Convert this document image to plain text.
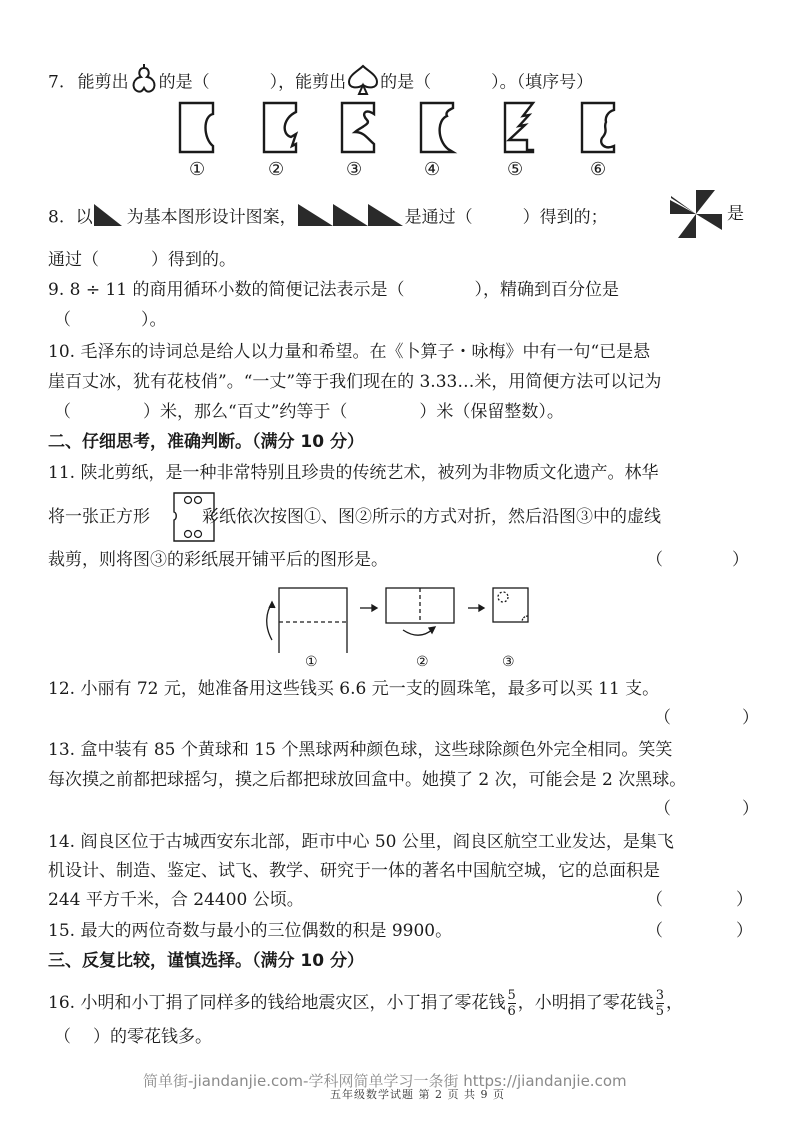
7. 能剪出 的是（	），能剪出 的是（	）。（填序号）
①	②	③	④	⑤	⑥
8. 以 为基本图形设计图案，	是通过（	）得到的；	是
通过（	）得到的。
9. 8 ÷ 11 的商用循环小数的简便记法表示是（	），精确到百分位是
（	）。
10. 毛泽东的诗词总是给人以力量和希望。在《卜算子・咏梅》中有一句“已是悬
崖百丈冰，犹有花枝俏”。“一丈”等于我们现在的 3.33…米，用简便方法可以记为
（	）米，那么“百丈”约等于（	）米（保留整数）。
二、仔细思考，准确判断。（满分 10 分）
11. 陕北剪纸，是一种非常特别且珍贵的传统艺术，被列为非物质文化遗产。林华
将一张正方形	彩纸依次按图①、图②所示的方式对折，然后沿图③中的虚线
裁剪，则将图③的彩纸展开铺平后的图形是。	（	）
①	②	③
12. 小丽有 72 元，她准备用这些钱买 6.6 元一支的圆珠笔，最多可以买 11 支。
（	）
13. 盒中装有 85 个黄球和 15 个黑球两种颜色球，这些球除颜色外完全相同。笑笑
每次摸之前都把球摇匀，摸之后都把球放回盒中。她摸了 2 次，可能会是 2 次黑球。
（	）
14. 阎良区位于古城西安东北部，距市中心 50 公里，阎良区航空工业发达，是集飞
机设计、制造、鉴定、试飞、教学、研究于一体的著名中国航空城，它的总面积是
244 平方千米，合 24400 公顷。	（	）
15. 最大的两位奇数与最小的三位偶数的积是 9900。	（	）
三、反复比较，谨慎选择。（满分 10 分）
16. 小明和小丁捐了同样多的钱给地震灾区，小丁捐了零花钱 $\frac{5}{6}$ ，小明捐了零花钱 $\frac{3}{5}$ ，
（ ）的零花钱多。
简单街-jiandanjie.com-学科网简单学习一条街 https://jiandanjie.com
五年级数学试题 第 2 页 共 9 页
